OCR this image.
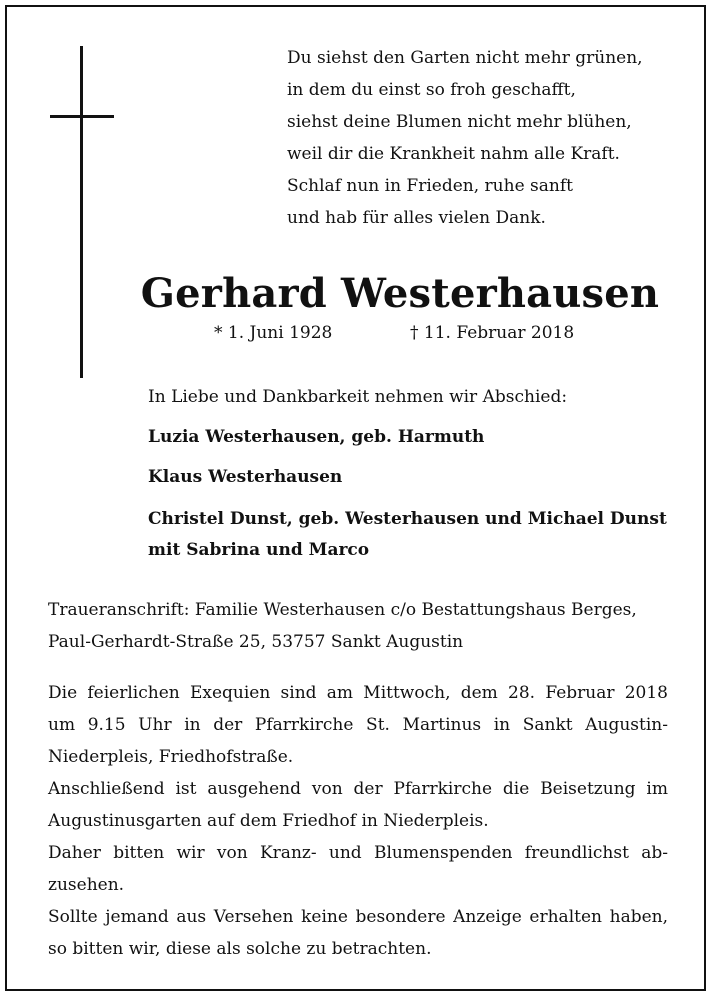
Du siehst den Garten nicht mehr grünen,
in dem du einst so froh geschafft,
siehst deine Blumen nicht mehr blühen,
weil dir die Krankheit nahm alle Kraft.
Schlaf nun in Frieden, ruhe sanft
und hab für alles vielen Dank.
Gerhard Westerhausen
* 1. Juni 1928	† 11. Februar 2018
In Liebe und Dankbarkeit nehmen wir Abschied:
Luzia Westerhausen, geb. Harmuth
Klaus Westerhausen
Christel Dunst, geb. Westerhausen und Michael Dunst
mit Sabrina und Marco
Traueranschrift: Familie Westerhausen c/o Bestattungshaus Berges,
Paul-Gerhardt-Straße 25, 53757 Sankt Augustin
Die feierlichen Exequien sind am Mittwoch, dem 28. Februar 2018
um 9.15 Uhr in der Pfarrkirche St. Martinus in Sankt Augustin-
Niederpleis, Friedhofstraße.
Anschließend ist ausgehend von der Pfarrkirche die Beisetzung im
Augustinusgarten auf dem Friedhof in Niederpleis.
Daher bitten wir von Kranz- und Blumenspenden freundlichst ab-
zusehen.
Sollte jemand aus Versehen keine besondere Anzeige erhalten haben,
so bitten wir, diese als solche zu betrachten.
